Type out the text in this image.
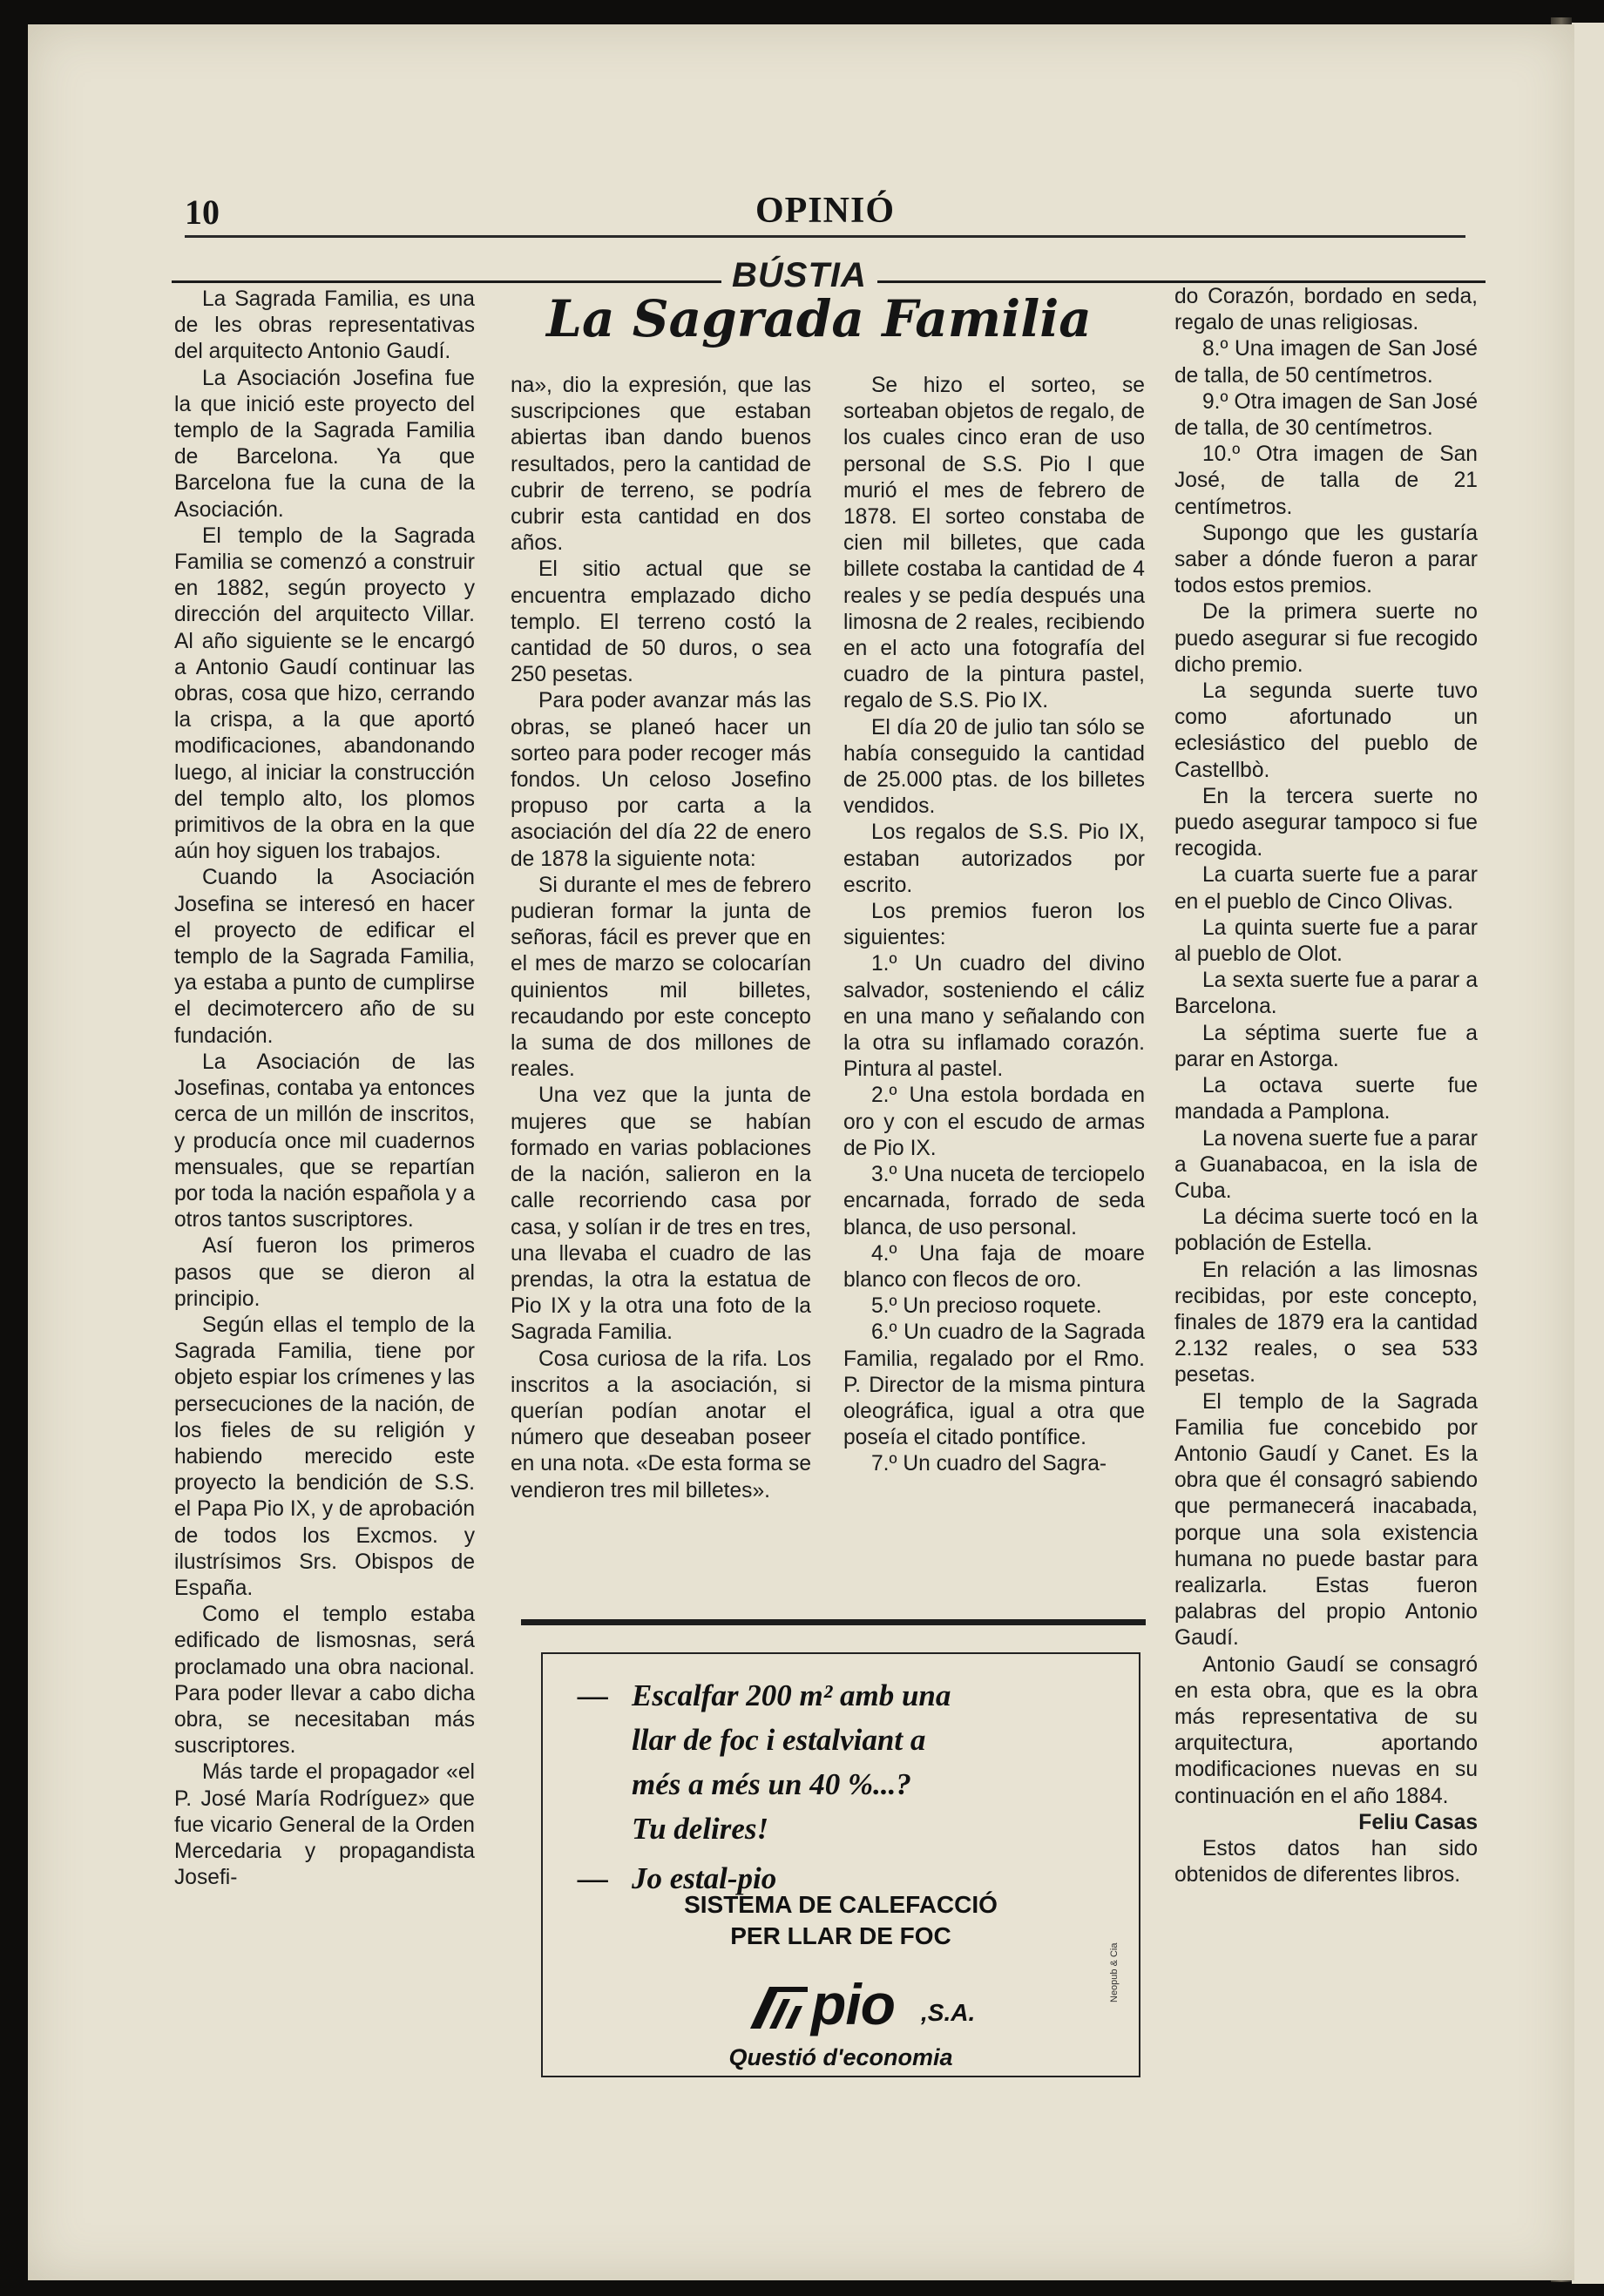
10	OPINIÓ
BÚSTIA
La Sagrada Familia

La Sagrada Familia, es una de les obras representativas del arquitecto Antonio Gaudí.

La Asociación Josefina fue la que inició este proyecto del templo de la Sagrada Familia de Barcelona. Ya que Barcelona fue la cuna de la Asociación.

El templo de la Sagrada Familia se comenzó a construir en 1882, según proyecto y dirección del arquitecto Villar. Al año siguiente se le encargó a Antonio Gaudí continuar las obras, cosa que hizo, cerrando la crispa, a la que aportó modificaciones, abandonando luego, al iniciar la construcción del templo alto, los plomos primitivos de la obra en la que aún hoy siguen los trabajos.

Cuando la Asociación Josefina se interesó en hacer el proyecto de edificar el templo de la Sagrada Familia, ya estaba a punto de cumplirse el decimotercero año de su fundación.

La Asociación de las Josefinas, contaba ya entonces cerca de un millón de inscritos, y producía once mil cuadernos mensuales, que se repartían por toda la nación española y a otros tantos suscriptores.

Así fueron los primeros pasos que se dieron al principio.

Según ellas el templo de la Sagrada Familia, tiene por objeto espiar los crímenes y las persecuciones de la nación, de los fieles de su religión y habiendo merecido este proyecto la bendición de S.S. el Papa Pio IX, y de aprobación de todos los Excmos. y ilustrísimos Srs. Obispos de España.

Como el templo estaba edificado de lismosnas, será proclamado una obra nacional. Para poder llevar a cabo dicha obra, se necesitaban más suscriptores.

Más tarde el propagador «el P. José María Rodríguez» que fue vicario General de la Orden Mercedaria y propagandista Josefi-

na», dio la expresión, que las suscripciones que estaban abiertas iban dando buenos resultados, pero la cantidad de cubrir de terreno, se podría cubrir esta cantidad en dos años.

El sitio actual que se encuentra emplazado dicho templo. El terreno costó la cantidad de 50 duros, o sea 250 pesetas.

Para poder avanzar más las obras, se planeó hacer un sorteo para poder recoger más fondos. Un celoso Josefino propuso por carta a la asociación del día 22 de enero de 1878 la siguiente nota:

Si durante el mes de febrero pudieran formar la junta de señoras, fácil es prever que en el mes de marzo se colocarían quinientos mil billetes, recaudando por este concepto la suma de dos millones de reales.

Una vez que la junta de mujeres que se habían formado en varias poblaciones de la nación, salieron en la calle recorriendo casa por casa, y solían ir de tres en tres, una llevaba el cuadro de las prendas, la otra la estatua de Pio IX y la otra una foto de la Sagrada Familia.

Cosa curiosa de la rifa. Los inscritos a la asociación, si querían podían anotar el número que deseaban poseer en una nota. «De esta forma se vendieron tres mil billetes».

Se hizo el sorteo, se sorteaban objetos de regalo, de los cuales cinco eran de uso personal de S.S. Pio I que murió el mes de febrero de 1878. El sorteo constaba de cien mil billetes, que cada billete costaba la cantidad de 4 reales y se pedía después una limosna de 2 reales, recibiendo en el acto una fotografía del cuadro de la pintura pastel, regalo de S.S. Pio IX.

El día 20 de julio tan sólo se había conseguido la cantidad de 25.000 ptas. de los billetes vendidos.

Los regalos de S.S. Pio IX, estaban autorizados por escrito.

Los premios fueron los siguientes:

1.º Un cuadro del divino salvador, sosteniendo el cáliz en una mano y señalando con la otra su inflamado corazón. Pintura al pastel.

2.º Una estola bordada en oro y con el escudo de armas de Pio IX.

3.º Una nuceta de terciopelo encarnada, forrado de seda blanca, de uso personal.

4.º Una faja de moare blanco con flecos de oro.

5.º Un precioso roquete.

6.º Un cuadro de la Sagrada Familia, regalado por el Rmo. P. Director de la misma pintura oleográfica, igual a otra que poseía el citado pontífice.

7.º Un cuadro del Sagra-

do Corazón, bordado en seda, regalo de unas religiosas.

8.º Una imagen de San José de talla, de 50 centímetros.

9.º Otra imagen de San José de talla, de 30 centímetros.

10.º Otra imagen de San José, de talla de 21 centímetros.

Supongo que les gustaría saber a dónde fueron a parar todos estos premios.

De la primera suerte no puedo asegurar si fue recogido dicho premio.

La segunda suerte tuvo como afortunado un eclesiástico del pueblo de Castellbò.

En la tercera suerte no puedo asegurar tampoco si fue recogida.

La cuarta suerte fue a parar en el pueblo de Cinco Olivas.

La quinta suerte fue a parar al pueblo de Olot.

La sexta suerte fue a parar a Barcelona.

La séptima suerte fue a parar en Astorga.

La octava suerte fue mandada a Pamplona.

La novena suerte fue a parar a Guanabacoa, en la isla de Cuba.

La décima suerte tocó en la población de Estella.

En relación a las limosnas recibidas, por este concepto, finales de 1879 era la cantidad 2.132 reales, o sea 533 pesetas.

El templo de la Sagrada Familia fue concebido por Antonio Gaudí y Canet. Es la obra que él consagró sabiendo que permanecerá inacabada, porque una sola existencia humana no puede bastar para realizarla. Estas fueron palabras del propio Antonio Gaudí.

Antonio Gaudí se consagró en esta obra, que es la obra más representativa de su arquitectura, aportando modificaciones nuevas en su continuación en el año 1884.

Feliu Casas

Estos datos han sido obtenidos de diferentes libros.

— Escalfar 200 m² amb una
llar de foc i estalviant a
més a més un 40 %...?
Tu delires!
— Jo estal-pio
SISTEMA DE CALEFACCIÓ
PER LLAR DE FOC
pio ,S.A.
Questió d'economia
Neopub & Cia
